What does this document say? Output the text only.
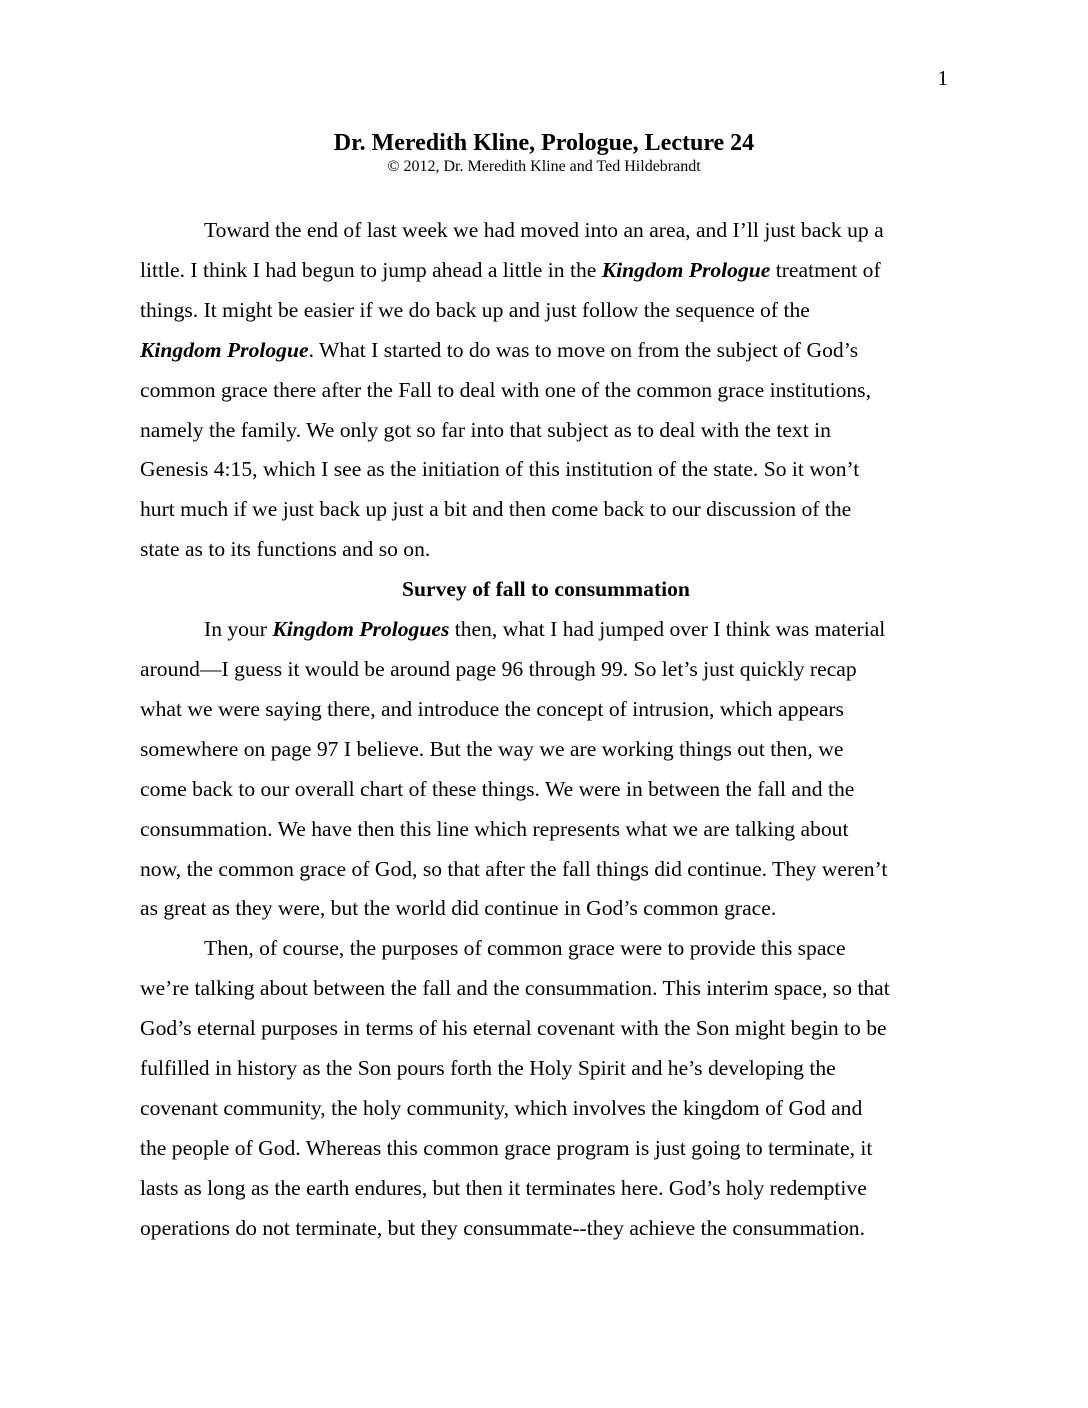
1
Dr. Meredith Kline, Prologue, Lecture 24
© 2012, Dr. Meredith Kline and Ted Hildebrandt
Toward the end of last week we had moved into an area, and I’ll just back up a
little. I think I had begun to jump ahead a little in the Kingdom Prologue treatment of
things. It might be easier if we do back up and just follow the sequence of the
Kingdom Prologue. What I started to do was to move on from the subject of God’s
common grace there after the Fall to deal with one of the common grace institutions,
namely the family. We only got so far into that subject as to deal with the text in
Genesis 4:15, which I see as the initiation of this institution of the state. So it won’t
hurt much if we just back up just a bit and then come back to our discussion of the
state as to its functions and so on.
Survey of fall to consummation
In your Kingdom Prologues then, what I had jumped over I think was material
around—I guess it would be around page 96 through 99. So let’s just quickly recap
what we were saying there, and introduce the concept of intrusion, which appears
somewhere on page 97 I believe. But the way we are working things out then, we
come back to our overall chart of these things. We were in between the fall and the
consummation. We have then this line which represents what we are talking about
now, the common grace of God, so that after the fall things did continue. They weren’t
as great as they were, but the world did continue in God’s common grace.
Then, of course, the purposes of common grace were to provide this space
we’re talking about between the fall and the consummation. This interim space, so that
God’s eternal purposes in terms of his eternal covenant with the Son might begin to be
fulfilled in history as the Son pours forth the Holy Spirit and he’s developing the
covenant community, the holy community, which involves the kingdom of God and
the people of God. Whereas this common grace program is just going to terminate, it
lasts as long as the earth endures, but then it terminates here. God’s holy redemptive
operations do not terminate, but they consummate--they achieve the consummation.
